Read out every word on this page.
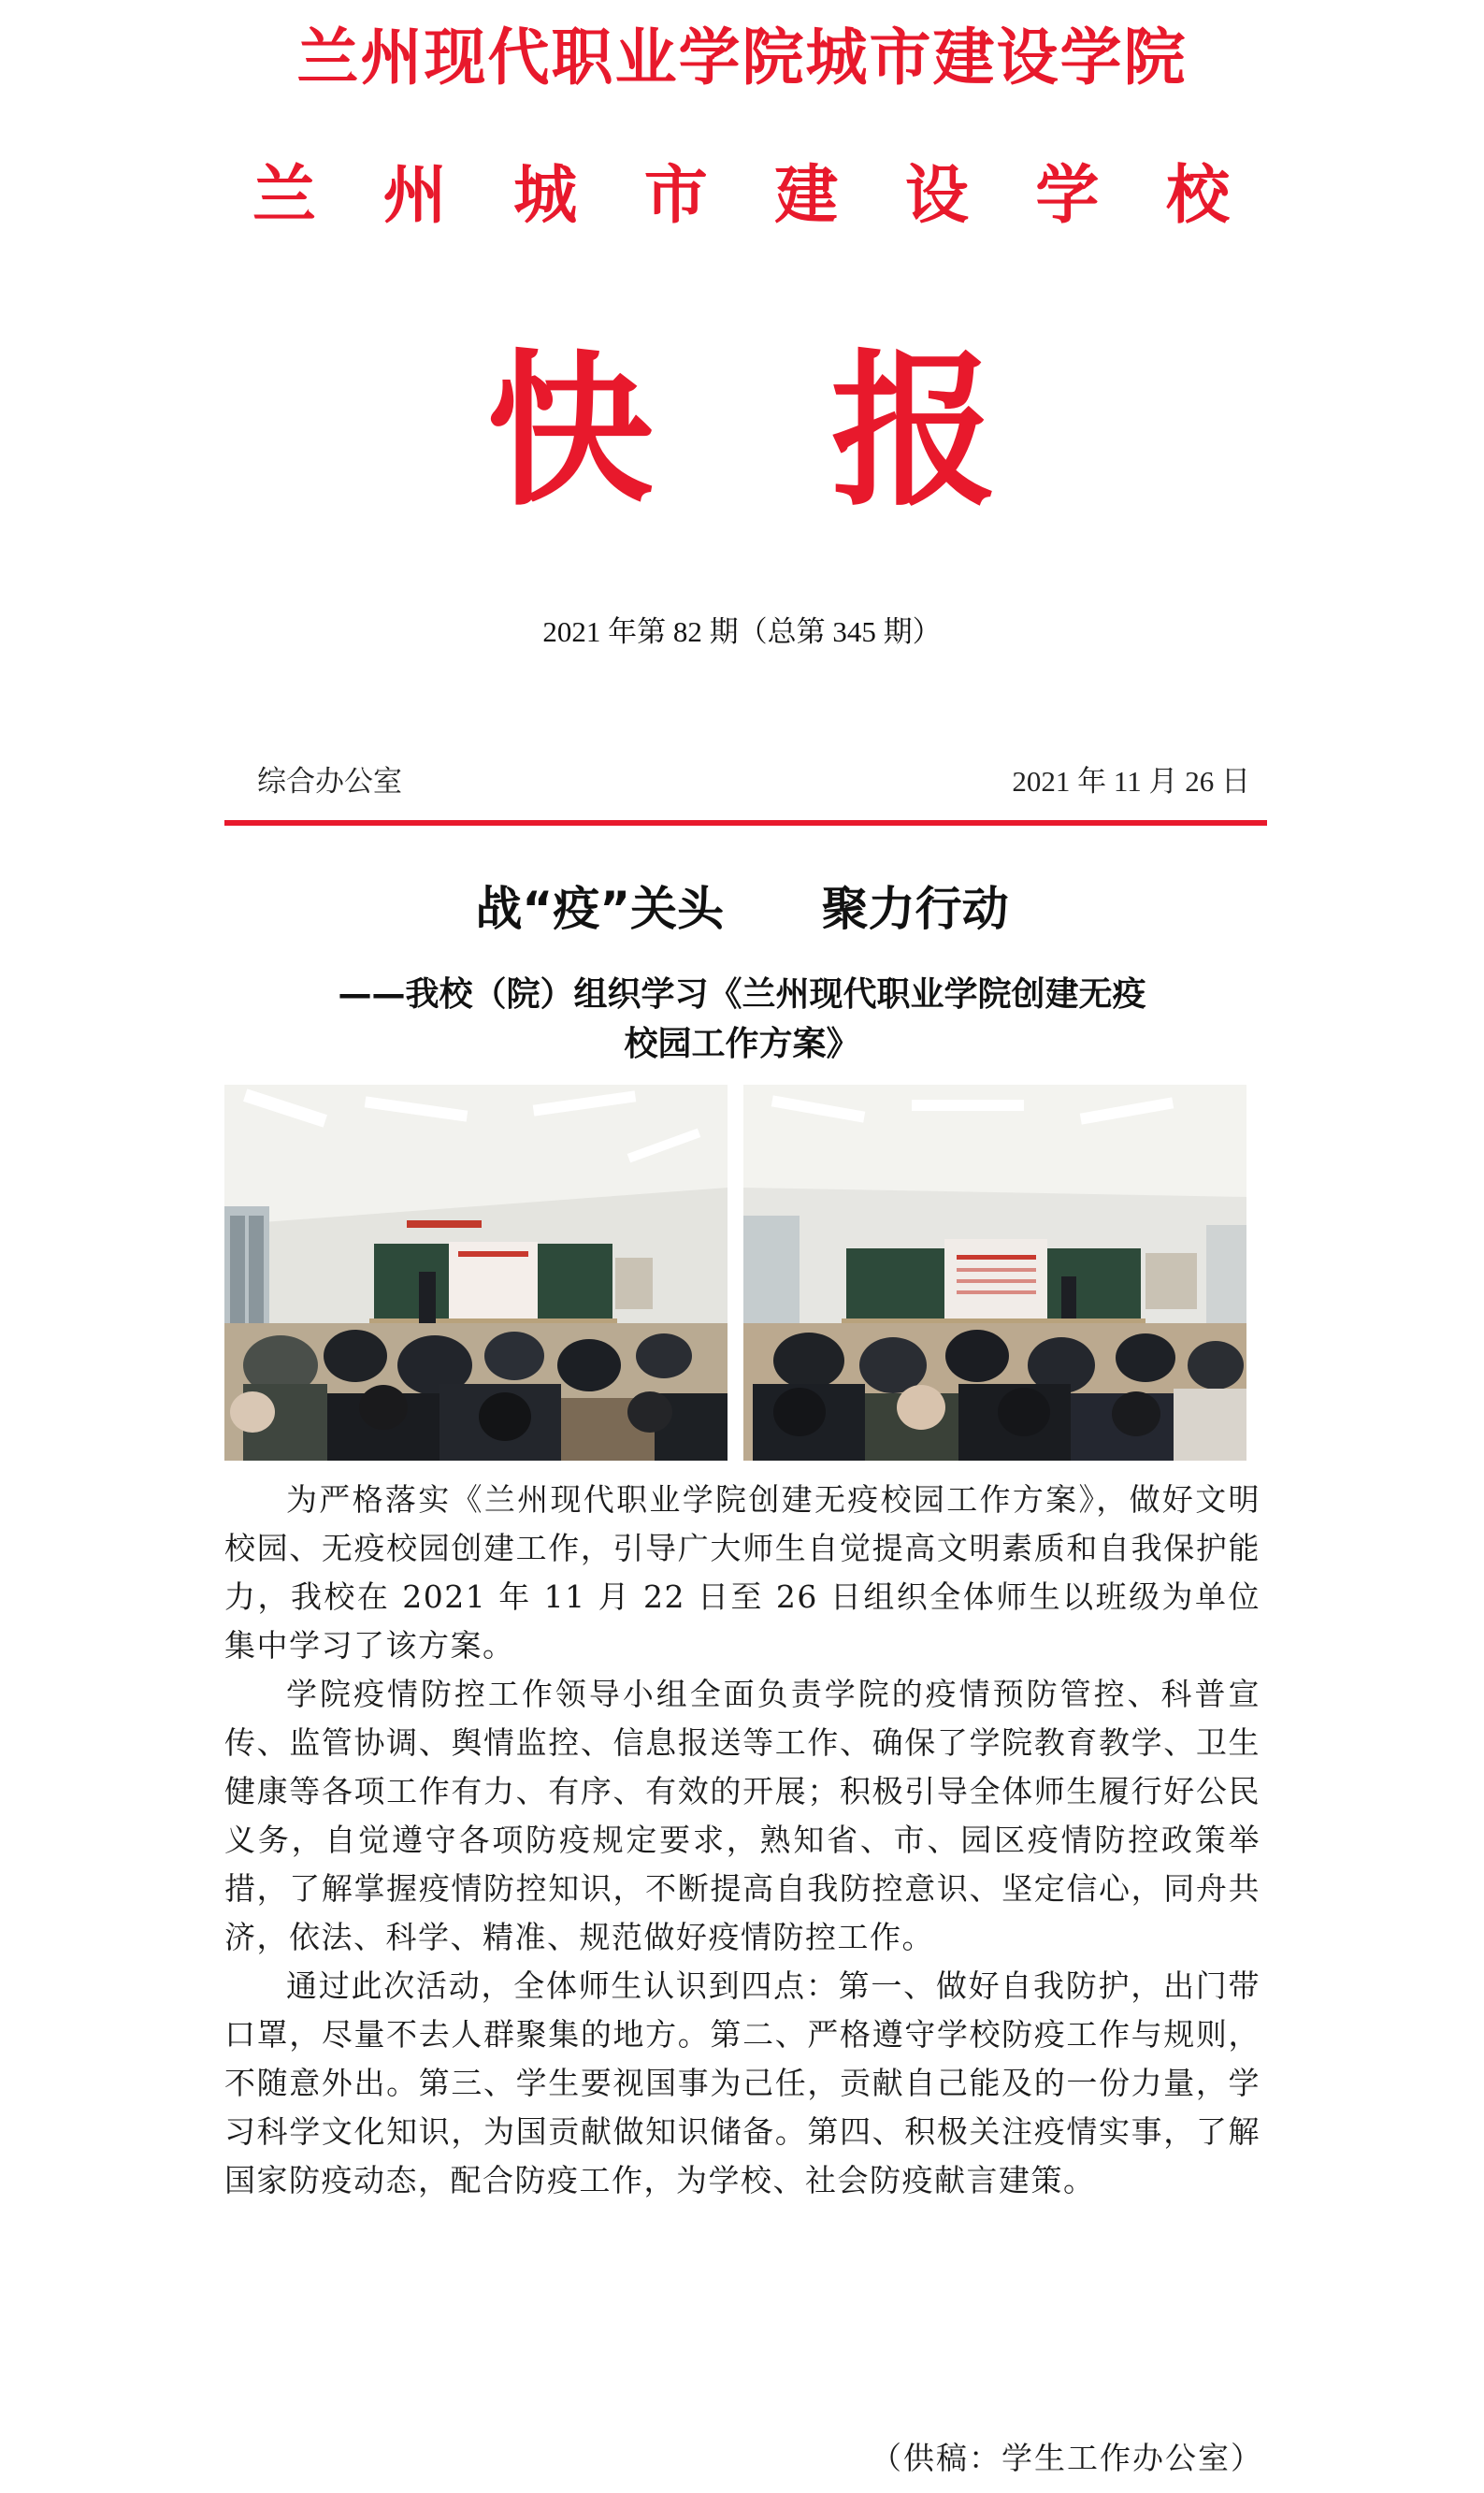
兰州现代职业学院城市建设学院
兰 州 城 市 建 设 学 校
快 报
2021 年第 82 期（总第 345 期）
综合办公室	2021 年 11 月 26 日
战“疫”关头      聚力行动
——我校（院）组织学习《兰州现代职业学院创建无疫
校园工作方案》

为严格落实《兰州现代职业学院创建无疫校园工作方案》，做好文明校园、无疫校园创建工作，引导广大师生自觉提高文明素质和自我保护能力，我校在 2021 年 11 月 22 日至 26 日组织全体师生以班级为单位集中学习了该方案。

学院疫情防控工作领导小组全面负责学院的疫情预防管控、科普宣传、监管协调、舆情监控、信息报送等工作、确保了学院教育教学、卫生健康等各项工作有力、有序、有效的开展；积极引导全体师生履行好公民义务，自觉遵守各项防疫规定要求，熟知省、市、园区疫情防控政策举措，了解掌握疫情防控知识，不断提高自我防控意识、坚定信心，同舟共济，依法、科学、精准、规范做好疫情防控工作。

通过此次活动，全体师生认识到四点：第一、做好自我防护，出门带口罩，尽量不去人群聚集的地方。第二、严格遵守学校防疫工作与规则，不随意外出。第三、学生要视国事为己任，贡献自己能及的一份力量，学习科学文化知识，为国贡献做知识储备。第四、积极关注疫情实事，了解国家防疫动态，配合防疫工作，为学校、社会防疫献言建策。

（供稿：学生工作办公室）
